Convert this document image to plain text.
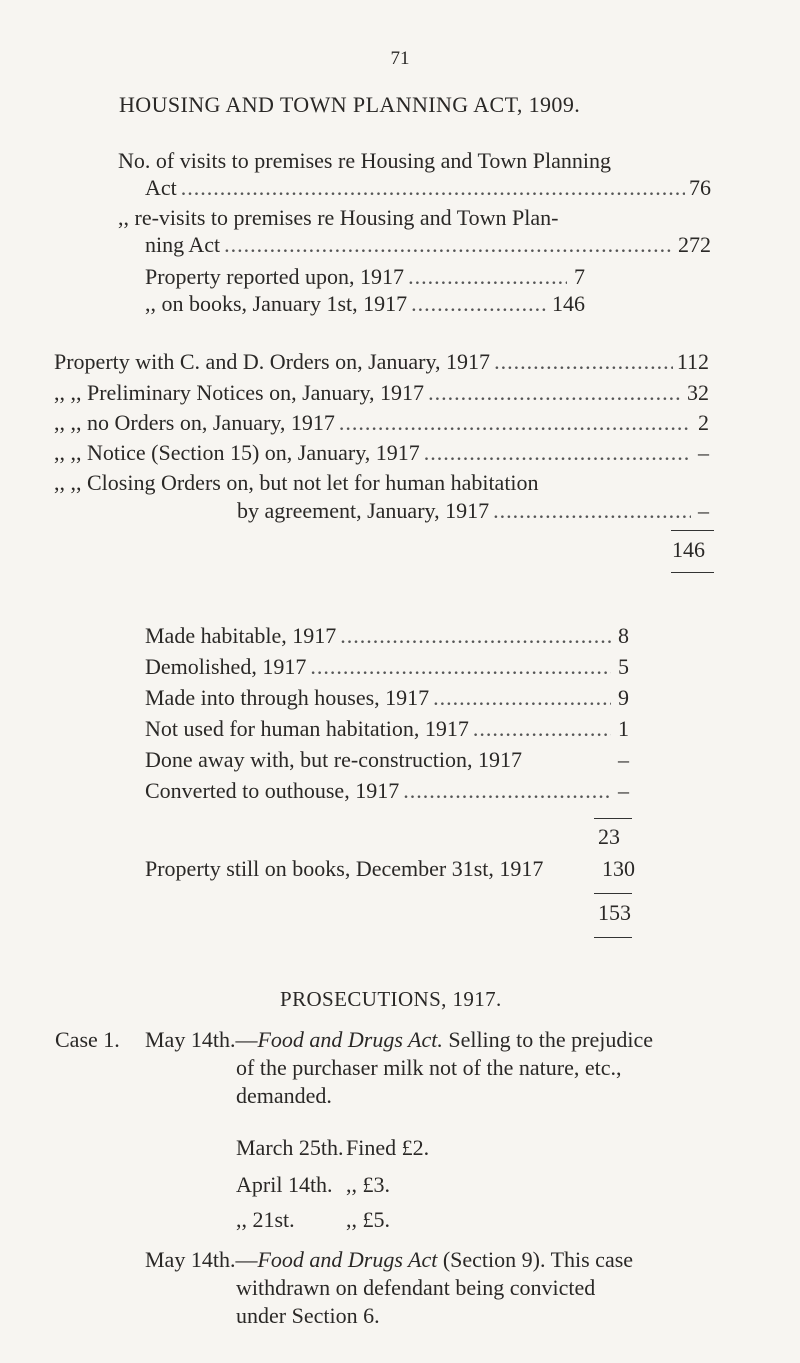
71
HOUSING AND TOWN PLANNING ACT, 1909.
No. of visits to premises re Housing and Town Planning
Act .....	76
,, re-visits to premises re Housing and Town Plan-
ning Act .....	272
Property reported upon, 1917 .....	7
,, on books, January 1st, 1917 .....	146
Property with C. and D. Orders on, January, 1917 .....	112
,, ,, Preliminary Notices on, January, 1917 .....	32
,, ,, no Orders on, January, 1917 .....	2
,, ,, Notice (Section 15) on, January, 1917 .....	–
,, ,, Closing Orders on, but not let for human habitation
by agreement, January, 1917 .....	–
146
Made habitable, 1917 .....	8
Demolished, 1917 .....	5
Made into through houses, 1917 .....	9
Not used for human habitation, 1917 .....	1
Done away with, but re-construction, 1917	–
Converted to outhouse, 1917 .....	–
23
Property still on books, December 31st, 1917	130
153
PROSECUTIONS, 1917.
Case 1. May 14th.—Food and Drugs Act. Selling to the prejudice
of the purchaser milk not of the nature, etc.,
demanded.
March 25th. Fined £2.
April 14th. ,, £3.
,, 21st. ,, £5.
May 14th.—Food and Drugs Act (Section 9). This case
withdrawn on defendant being convicted
under Section 6.
